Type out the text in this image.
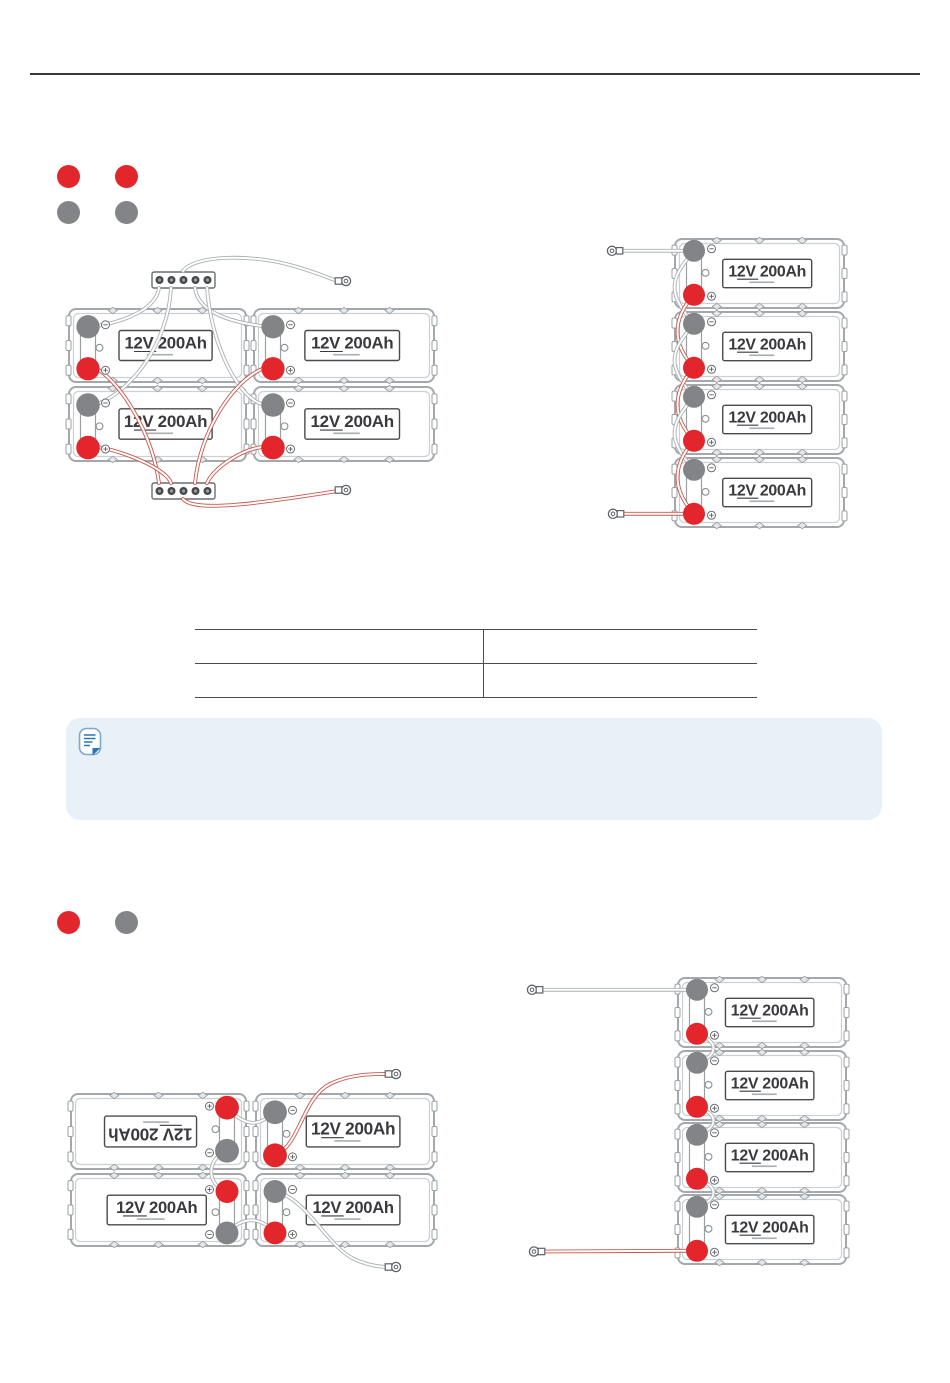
12V 200Ah	12V 200Ah
12V 200Ah	12V 200Ah
12V 200Ah
12V 200Ah
12V 200Ah
12V 200Ah
12V 200Ah	12V 200Ah
12V 200Ah	12V 200Ah
12V 200Ah
12V 200Ah
12V 200Ah
12V 200Ah
